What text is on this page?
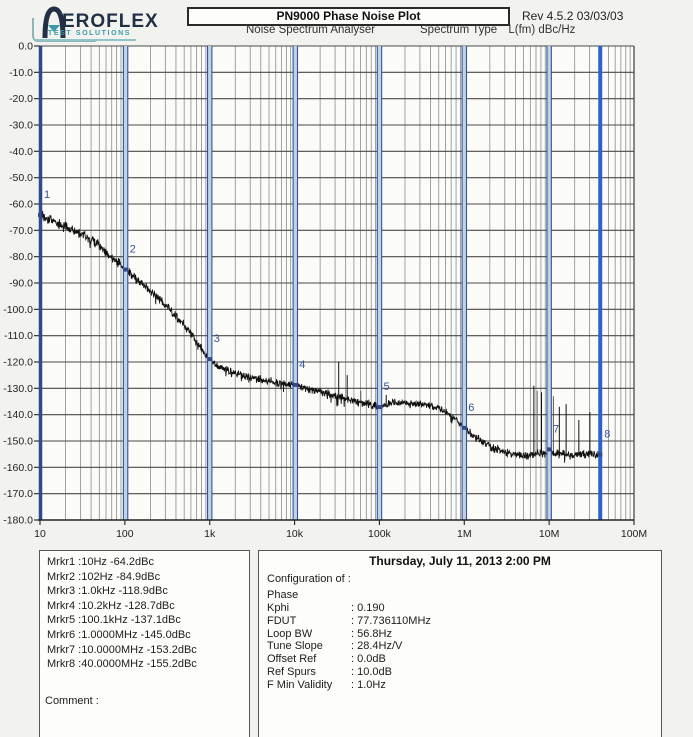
EROFLEX
TEST SOLUTIONS
PN9000 Phase Noise Plot	Rev 4.5.2 03/03/03
Noise Spectrum Analyser	Spectrum Type L(fm) dBc/Hz
0.0
-10.0
-20.0
-30.0
-40.0
-50.0
-60.0
-70.0
-80.0
-90.0
-100.0
-110.0
-120.0
-130.0
-140.0
-150.0
-160.0
-170.0
-180.0
10	100	1k	10k	100k	1M	10M	100M
1
2
3
4
5
6
7	8
Mrkr1 :10Hz -64.2dBc
Mrkr2 :102Hz -84.9dBc
Mrkr3 :1.0kHz -118.9dBc
Mrkr4 :10.2kHz -128.7dBc
Mrkr5 :100.1kHz -137.1dBc
Mrkr6 :1.0000MHz -145.0dBc
Mrkr7 :10.0000MHz -153.2dBc
Mrkr8 :40.0000MHz -155.2dBc
Comment :
Thursday, July 11, 2013 2:00 PM
Configuration of :
Phase
Kphi	: 0.190
FDUT	: 77.736110MHz
Loop BW	: 56.8Hz
Tune Slope	: 28.4Hz/V
Offset Ref	: 0.0dB
Ref Spurs	: 10.0dB
F Min Validity	: 1.0Hz
